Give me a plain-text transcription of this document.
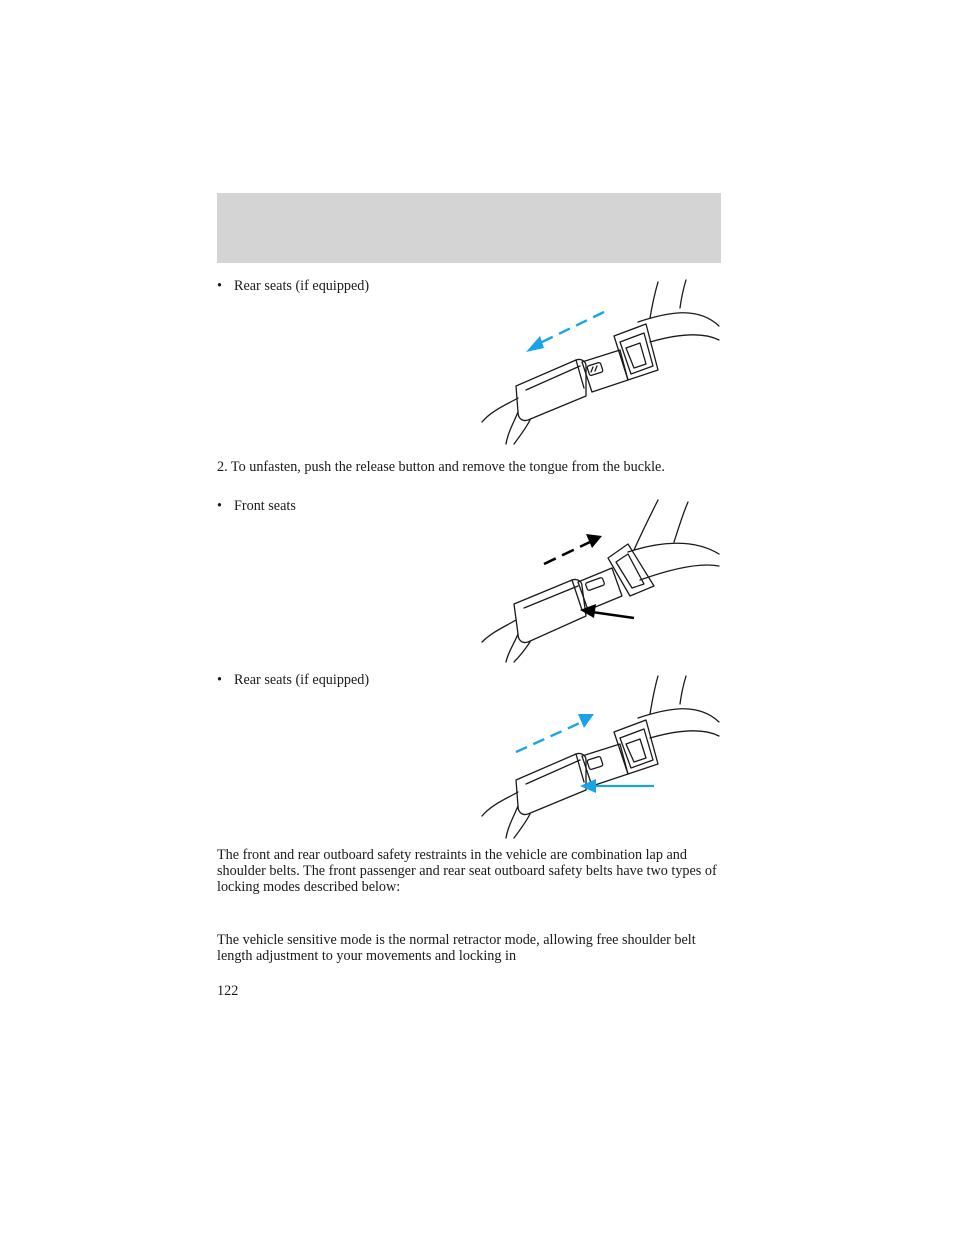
• Rear seats (if equipped)

2. To unfasten, push the release button and remove the tongue from the buckle.

• Front seats

• Rear seats (if equipped)

The front and rear outboard safety restraints in the vehicle are combination lap and shoulder belts. The front passenger and rear seat outboard safety belts have two types of locking modes described below:

The vehicle sensitive mode is the normal retractor mode, allowing free shoulder belt length adjustment to your movements and locking in

122
